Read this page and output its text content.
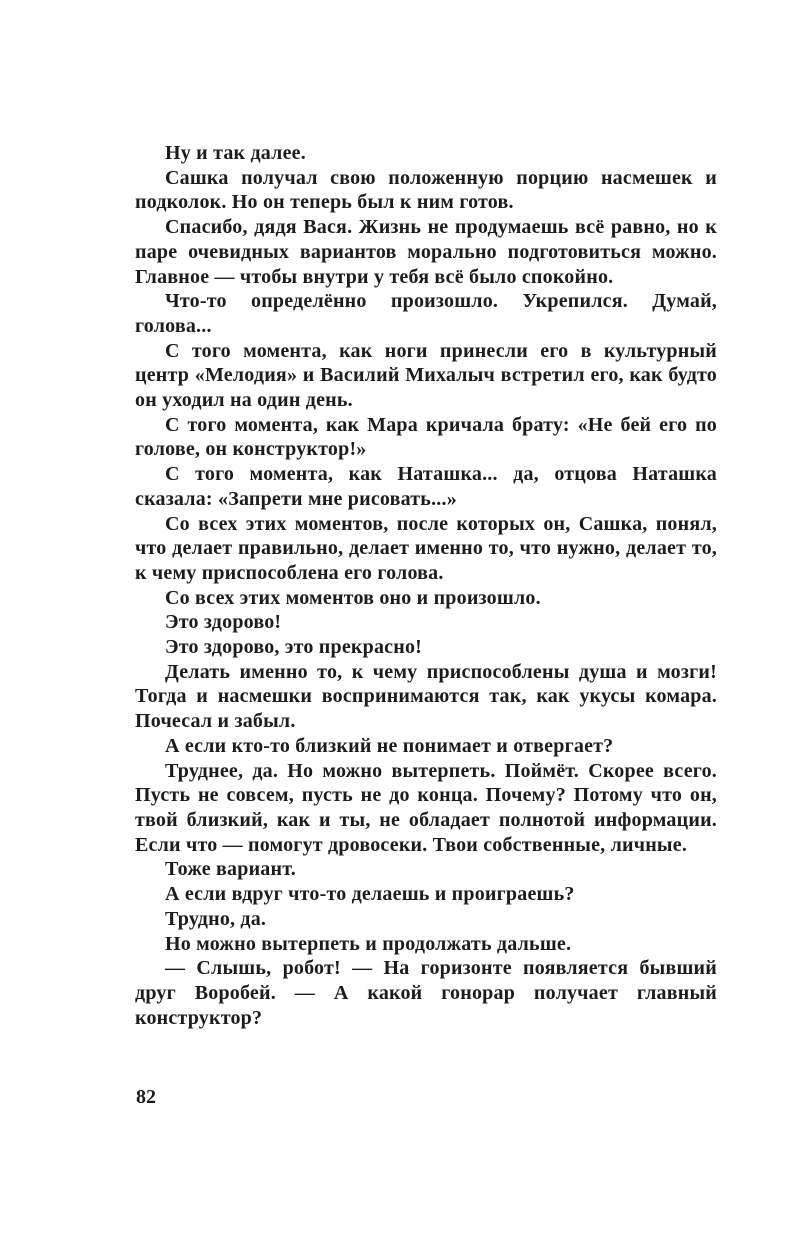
Ну и так далее.

Сашка получал свою положенную порцию насмешек и подколок. Но он теперь был к ним готов.

Спасибо, дядя Вася. Жизнь не продумаешь всё равно, но к паре очевидных вариантов морально подготовиться можно. Главное — чтобы внутри у тебя всё было спокойно.

Что-то определённо произошло. Укрепился. Думай, голова...

С того момента, как ноги принесли его в культурный центр «Мелодия» и Василий Михалыч встретил его, как будто он уходил на один день.

С того момента, как Мара кричала брату: «Не бей его по голове, он конструктор!»

С того момента, как Наташка... да, отцова Наташка сказала: «Запрети мне рисовать...»

Со всех этих моментов, после которых он, Сашка, понял, что делает правильно, делает именно то, что нужно, делает то, к чему приспособлена его голова.

Со всех этих моментов оно и произошло.

Это здорово!

Это здорово, это прекрасно!

Делать именно то, к чему приспособлены душа и мозги! Тогда и насмешки воспринимаются так, как укусы комара. Почесал и забыл.

А если кто-то близкий не понимает и отвергает?

Труднее, да. Но можно вытерпеть. Поймёт. Скорее всего. Пусть не совсем, пусть не до конца. Почему? Потому что он, твой близкий, как и ты, не обладает полнотой информации. Если что — помогут дровосеки. Твои собственные, личные.

Тоже вариант.

А если вдруг что-то делаешь и проиграешь?

Трудно, да.

Но можно вытерпеть и продолжать дальше.

— Слышь, робот! — На горизонте появляется бывший друг Воробей. — А какой гонорар получает главный конструктор?

82
